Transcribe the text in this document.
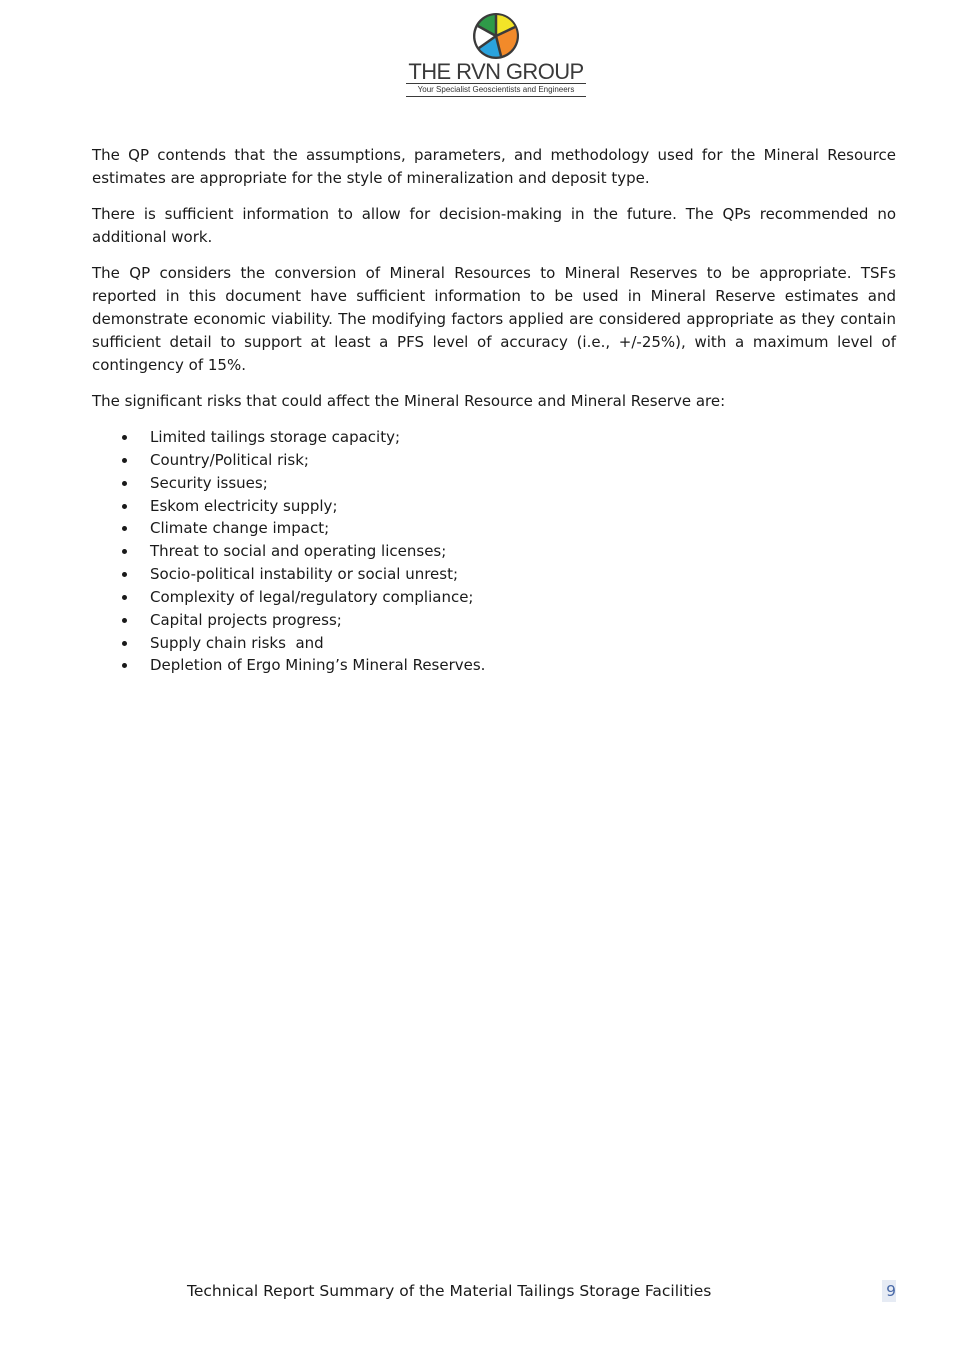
THE RVN GROUP
Your Specialist Geoscientists and Engineers

The QP contends that the assumptions, parameters, and methodology used for the Mineral Resource estimates are appropriate for the style of mineralization and deposit type.

There is sufficient information to allow for decision-making in the future. The QPs recommended no additional work.

The QP considers the conversion of Mineral Resources to Mineral Reserves to be appropriate. TSFs reported in this document have sufficient information to be used in Mineral Reserve estimates and demonstrate economic viability. The modifying factors applied are considered appropriate as they contain sufficient detail to support at least a PFS level of accuracy (i.e., +/-25%), with a maximum level of contingency of 15%.

The significant risks that could affect the Mineral Resource and Mineral Reserve are:

Limited tailings storage capacity;
Country/Political risk;
Security issues;
Eskom electricity supply;
Climate change impact;
Threat to social and operating licenses;
Socio-political instability or social unrest;
Complexity of legal/regulatory compliance;
Capital projects progress;
Supply chain risks  and
Depletion of Ergo Mining’s Mineral Reserves.
Technical Report Summary of the Material Tailings Storage Facilities	9
